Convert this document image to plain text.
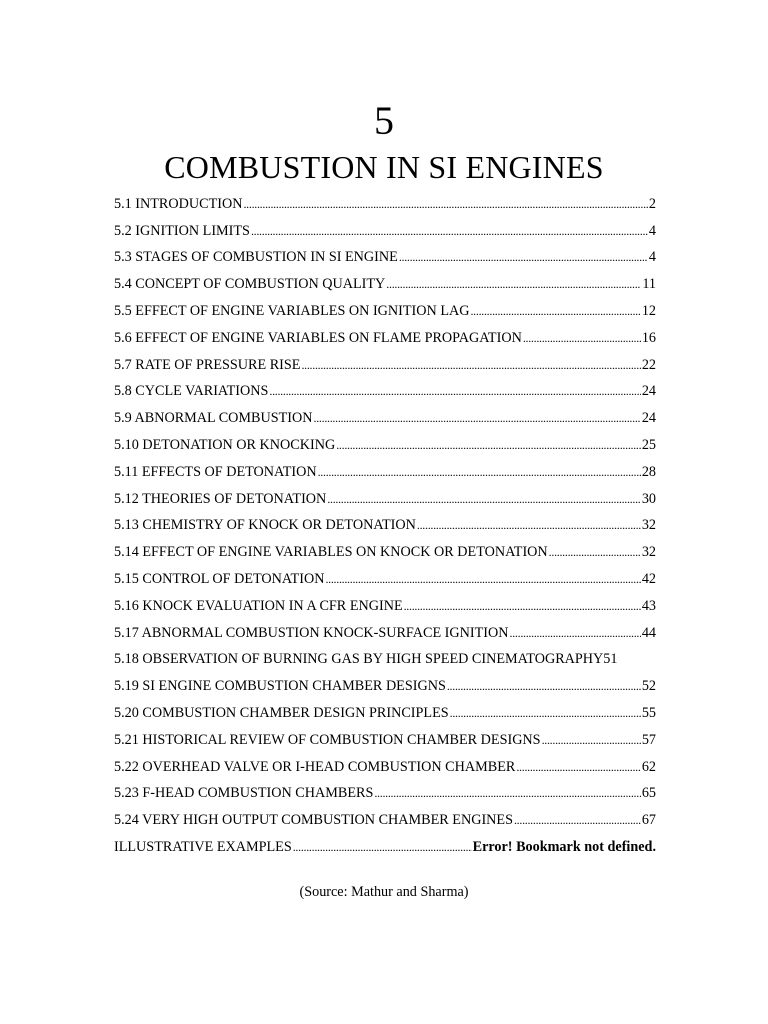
5
COMBUSTION IN SI ENGINES
5.1 INTRODUCTION .....	2
5.2 IGNITION LIMITS .....	4
5.3 STAGES OF COMBUSTION IN SI ENGINE .....	4
5.4 CONCEPT OF COMBUSTION QUALITY .....	11
5.5 EFFECT OF ENGINE VARIABLES ON IGNITION LAG .....	12
5.6 EFFECT OF ENGINE VARIABLES ON FLAME PROPAGATION .....	16
5.7 RATE OF PRESSURE RISE .....	22
5.8 CYCLE VARIATIONS .....	24
5.9 ABNORMAL COMBUSTION .....	24
5.10 DETONATION OR KNOCKING .....	25
5.11 EFFECTS OF DETONATION .....	28
5.12 THEORIES OF DETONATION .....	30
5.13 CHEMISTRY OF KNOCK OR DETONATION .....	32
5.14 EFFECT OF ENGINE VARIABLES ON KNOCK OR DETONATION .....	32
5.15 CONTROL OF DETONATION .....	42
5.16 KNOCK EVALUATION IN A CFR ENGINE .....	43
5.17 ABNORMAL COMBUSTION KNOCK-SURFACE IGNITION .....	44
5.18 OBSERVATION OF BURNING GAS BY HIGH SPEED CINEMATOGRAPHY 51
5.19 SI ENGINE COMBUSTION CHAMBER DESIGNS .....	52
5.20 COMBUSTION CHAMBER DESIGN PRINCIPLES .....	55
5.21 HISTORICAL REVIEW OF COMBUSTION CHAMBER DESIGNS .....	57
5.22 OVERHEAD VALVE OR I-HEAD COMBUSTION CHAMBER .....	62
5.23 F-HEAD COMBUSTION CHAMBERS .....	65
5.24 VERY HIGH OUTPUT COMBUSTION CHAMBER ENGINES .....	67
ILLUSTRATIVE EXAMPLES .....	Error! Bookmark not defined.
(Source: Mathur and Sharma)
